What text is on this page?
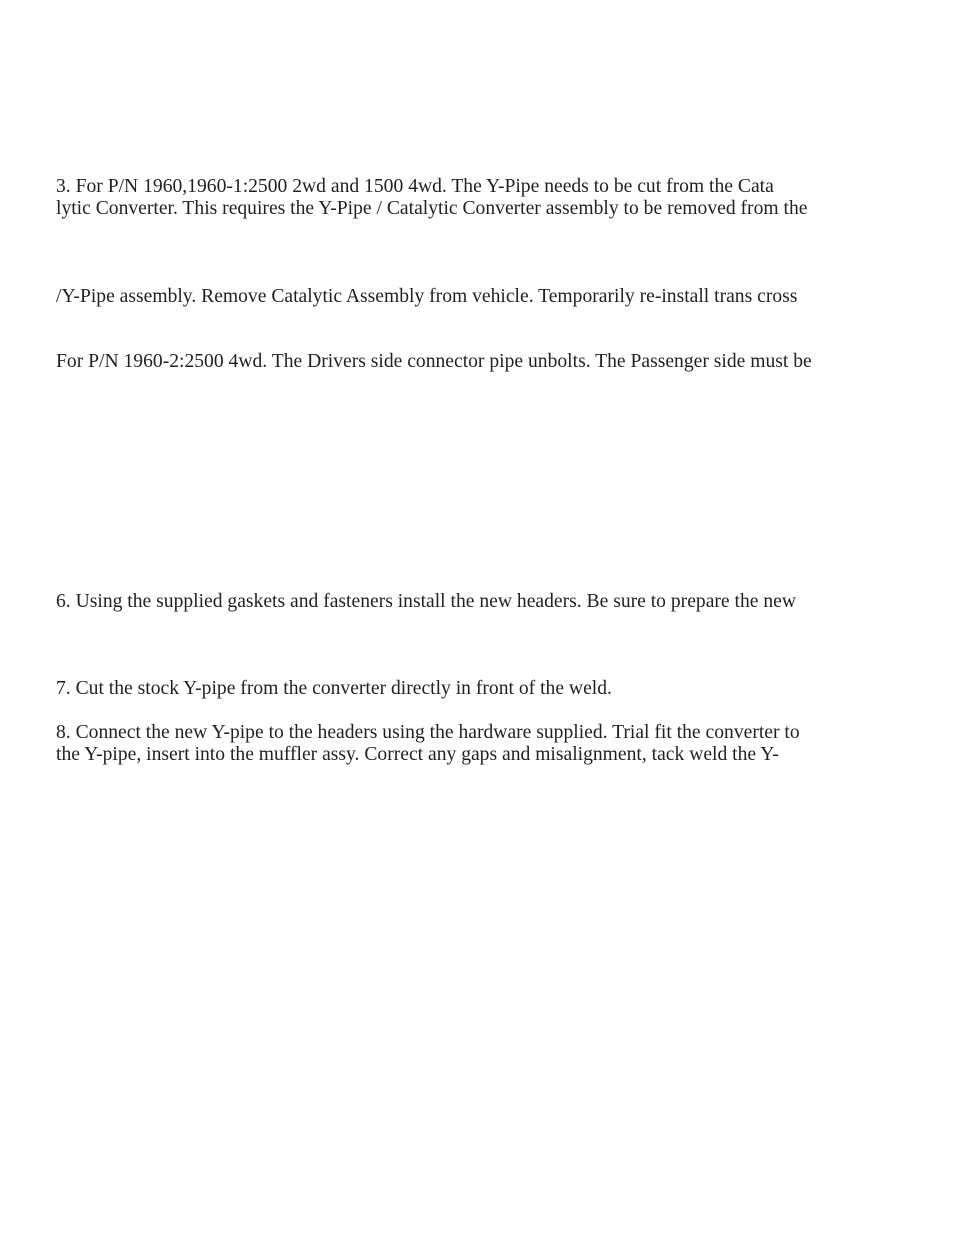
3. For P/N 1960,1960-1:2500 2wd and 1500 4wd. The Y-Pipe needs to be cut from the Cata

lytic Converter. This requires the Y-Pipe / Catalytic Converter assembly to be removed from the

/Y-Pipe assembly. Remove Catalytic Assembly from vehicle. Temporarily re-install trans cross

For P/N 1960-2:2500 4wd. The Drivers side connector pipe unbolts. The Passenger side must be

6. Using the supplied gaskets and fasteners install the new headers. Be sure to prepare the new

7. Cut the stock Y-pipe from the converter directly in front of the weld.

8. Connect the new Y-pipe to the headers using the hardware supplied. Trial fit the converter to

the Y-pipe, insert into the muffler assy. Correct any gaps and misalignment, tack weld the Y-
